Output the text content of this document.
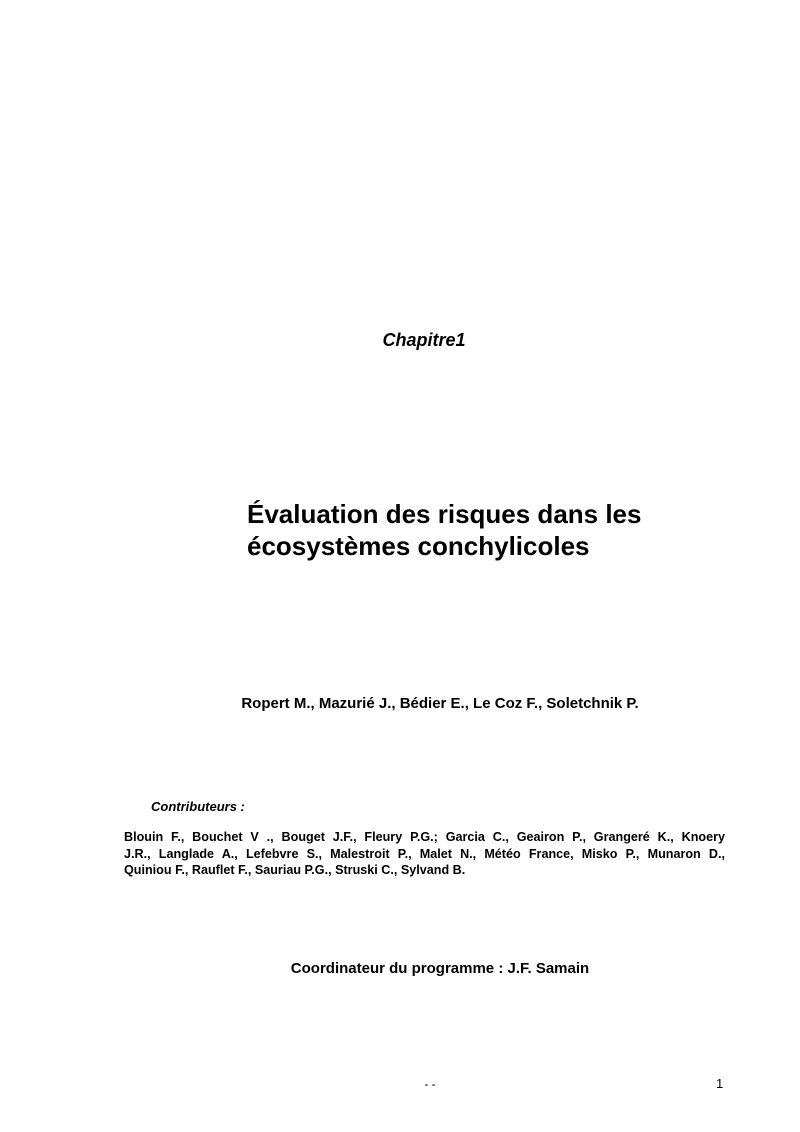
Chapitre1
Évaluation des risques dans les
écosystèmes conchylicoles
Ropert M., Mazurié J., Bédier E., Le Coz F., Soletchnik P.
Contributeurs :
Blouin F., Bouchet V ., Bouget J.F., Fleury P.G.; Garcia C., Geairon P., Grangeré K., Knoery
J.R., Langlade A., Lefebvre S., Malestroit P., Malet N., Météo France, Misko P., Munaron D.,
Quiniou F., Rauflet F., Sauriau P.G., Struski C., Sylvand B.
Coordinateur du programme : J.F. Samain
- -	1
